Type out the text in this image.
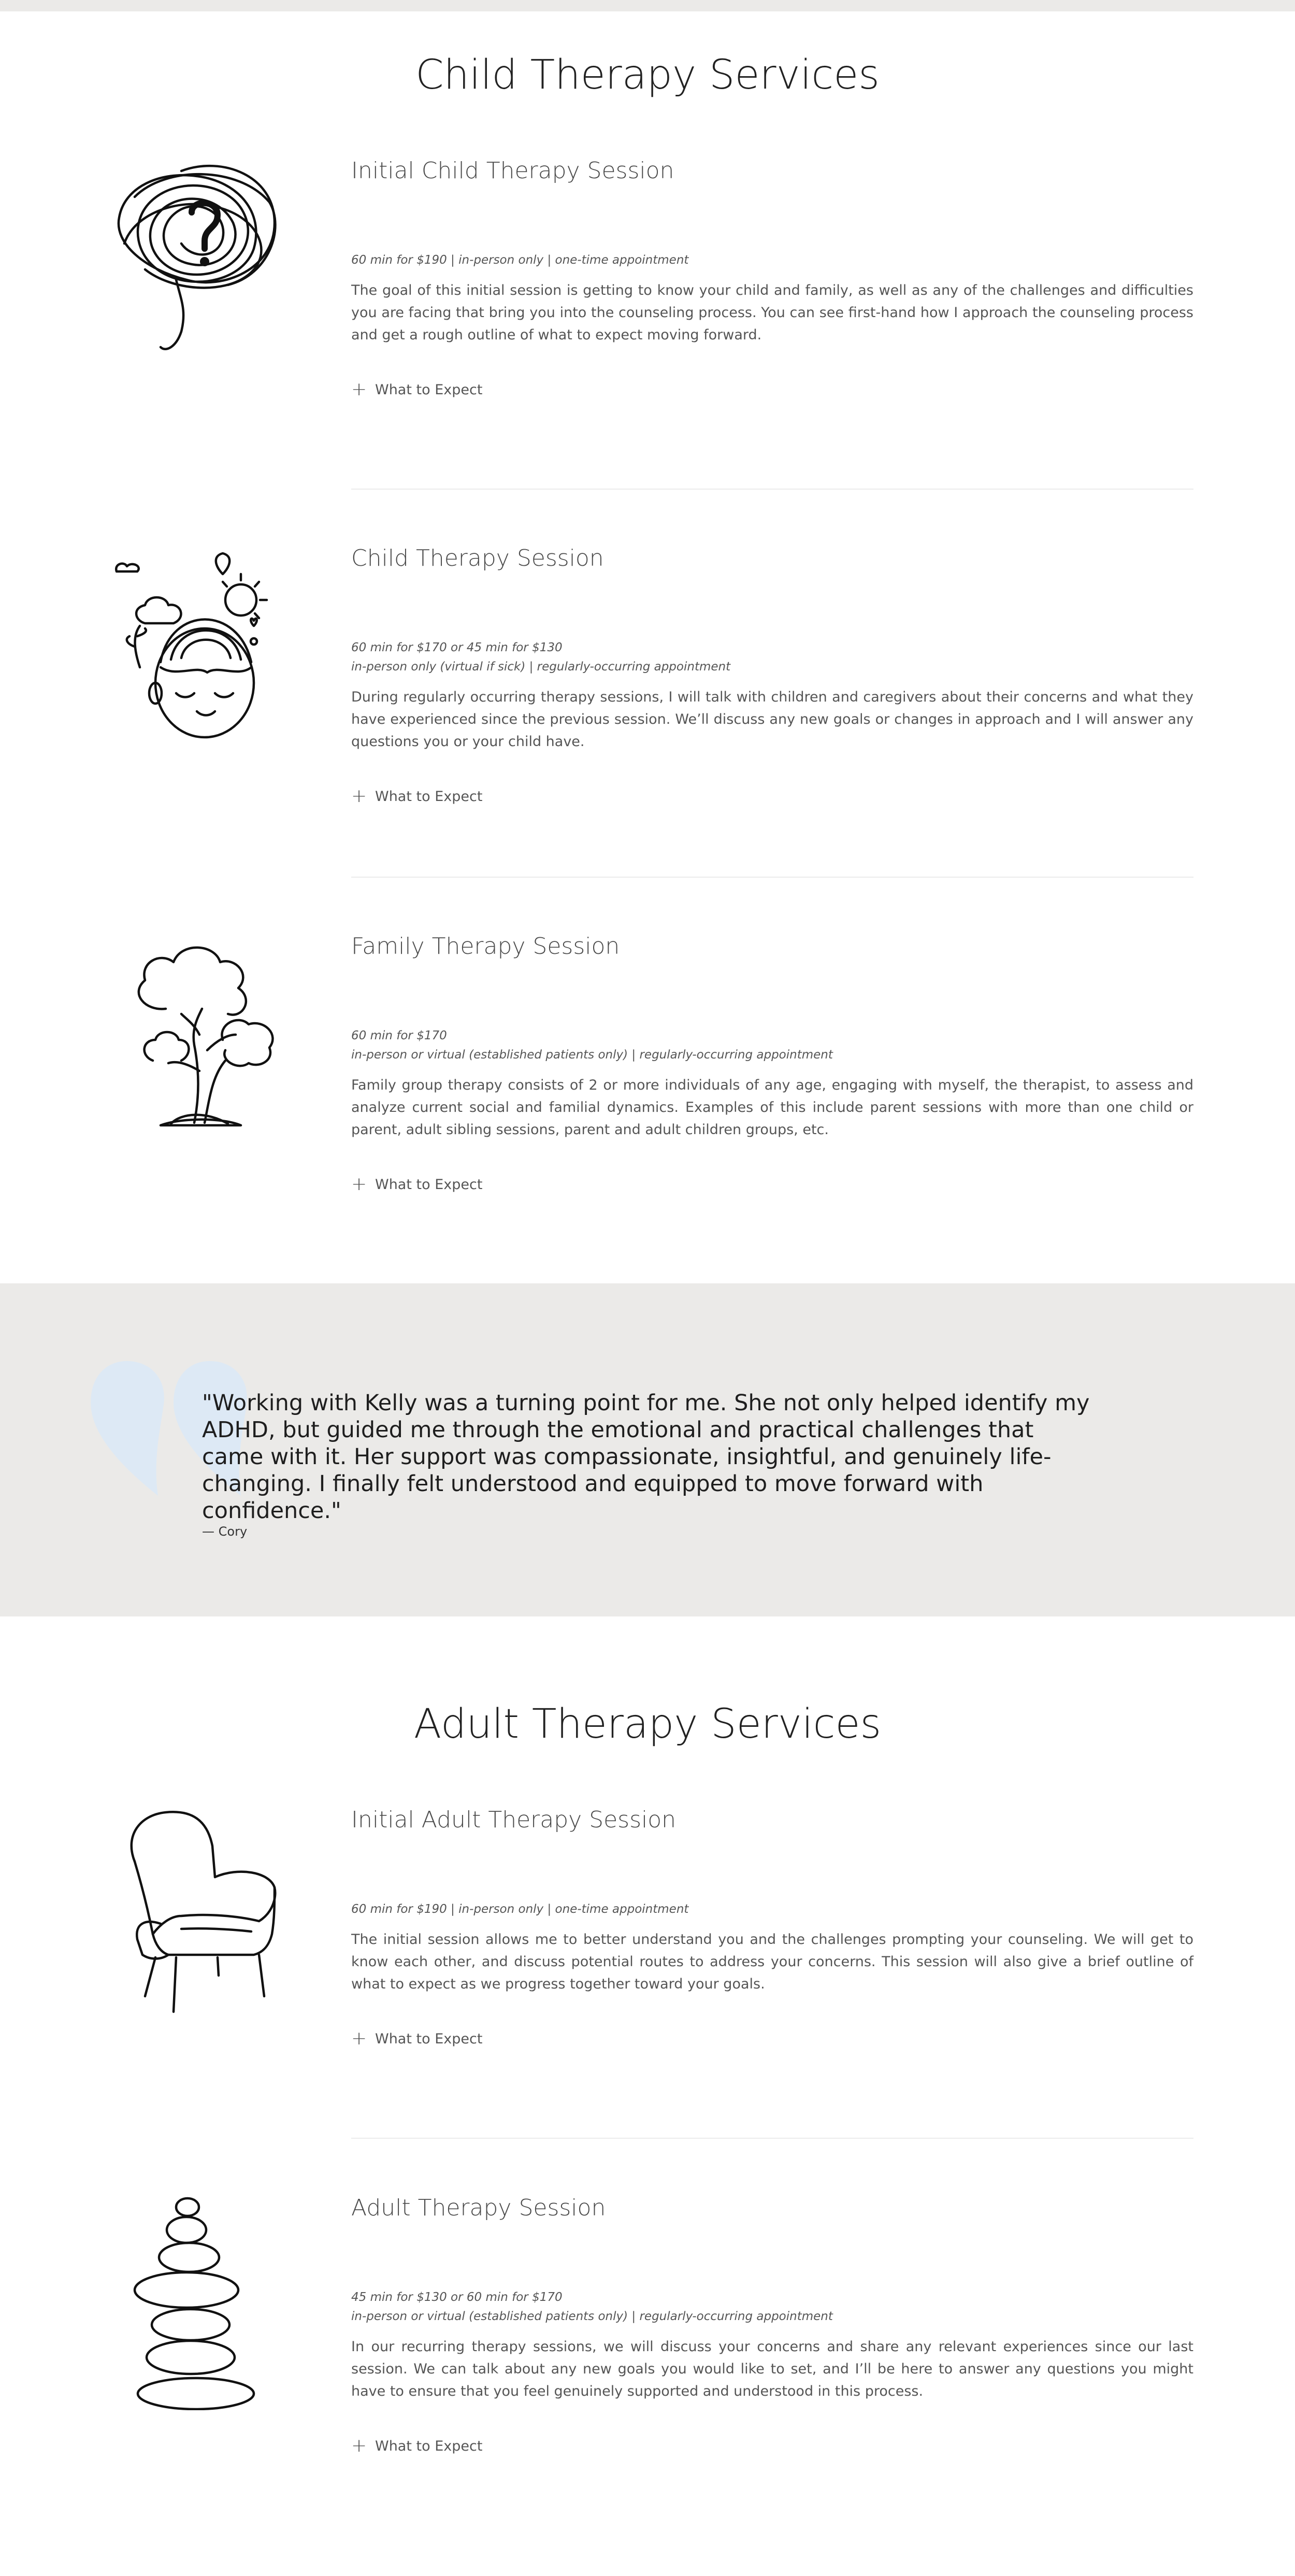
Child Therapy Services
Initial Child Therapy Session
60 min for $190 | in-person only | one-time appointment

The goal of this initial session is getting to know your child and family, as well as any of the challenges and difficulties you are facing that bring you into the counseling process. You can see first-hand how I approach the counseling process and get a rough outline of what to expect moving forward.

+ What to Expect
Child Therapy Session
60 min for $170 or 45 min for $130
in-person only (virtual if sick) | regularly-occurring appointment

During regularly occurring therapy sessions, I will talk with children and caregivers about their concerns and what they have experienced since the previous session. We’ll discuss any new goals or changes in approach and I will answer any questions you or your child have.

+ What to Expect
Family Therapy Session
60 min for $170
in-person or virtual (established patients only) | regularly-occurring appointment

Family group therapy consists of 2 or more individuals of any age, engaging with myself, the therapist, to assess and analyze current social and familial dynamics. Examples of this include parent sessions with more than one child or parent, adult sibling sessions, parent and adult children groups, etc.

+ What to Expect

"Working with Kelly was a turning point for me. She not only helped identify my ADHD, but guided me through the emotional and practical challenges that came with it. Her support was compassionate, insightful, and genuinely life-changing. I finally felt understood and equipped to move forward with confidence."

— Cory
Adult Therapy Services
Initial Adult Therapy Session
60 min for $190 | in-person only | one-time appointment

The initial session allows me to better understand you and the challenges prompting your counseling. We will get to know each other, and discuss potential routes to address your concerns. This session will also give a brief outline of what to expect as we progress together toward your goals.

+ What to Expect
Adult Therapy Session
45 min for $130 or 60 min for $170
in-person or virtual (established patients only) | regularly-occurring appointment

In our recurring therapy sessions, we will discuss your concerns and share any relevant experiences since our last session. We can talk about any new goals you would like to set, and I’ll be here to answer any questions you might have to ensure that you feel genuinely supported and understood in this process.

+ What to Expect
